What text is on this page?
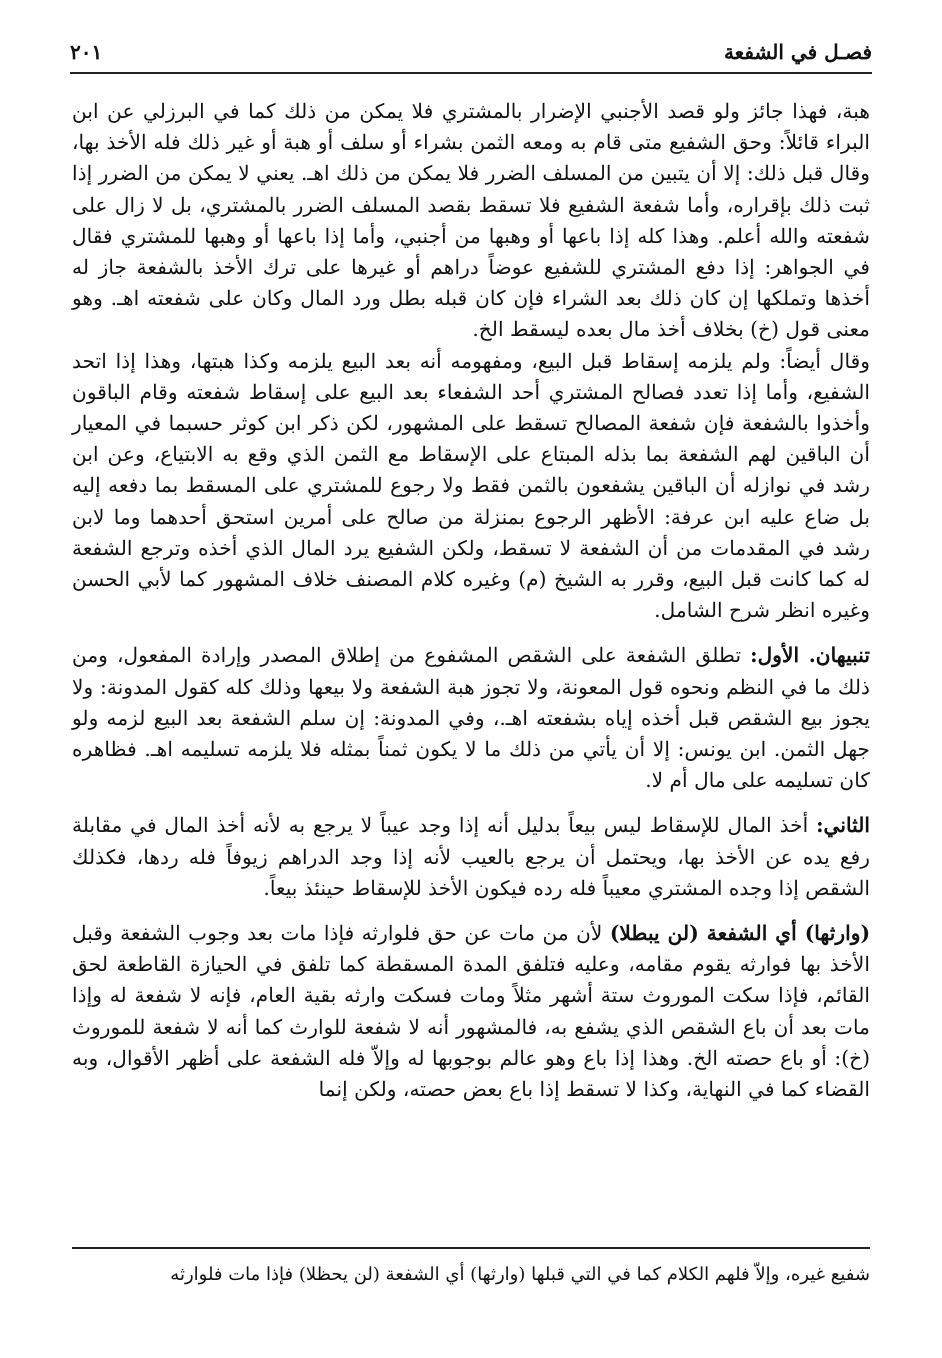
٢٠١	فصـل في الشفعة

هبة، فهذا جائز ولو قصد الأجنبي الإضرار بالمشتري فلا يمكن من ذلك كما في البرزلي عن ابن البراء قائلاً: وحق الشفيع متى قام به ومعه الثمن بشراء أو سلف أو هبة أو غير ذلك فله الأخذ بها، وقال قبل ذلك: إلا أن يتبين من المسلف الضرر فلا يمكن من ذلك اهـ. يعني لا يمكن من الضرر إذا ثبت ذلك بإقراره، وأما شفعة الشفيع فلا تسقط بقصد المسلف الضرر بالمشتري، بل لا زال على شفعته والله أعلم. وهذا كله إذا باعها أو وهبها من أجنبي، وأما إذا باعها أو وهبها للمشتري فقال في الجواهر: إذا دفع المشتري للشفيع عوضاً دراهم أو غيرها على ترك الأخذ بالشفعة جاز له أخذها وتملكها إن كان ذلك بعد الشراء فإن كان قبله بطل ورد المال وكان على شفعته اهـ. وهو معنى قول (خ) بخلاف أخذ مال بعده ليسقط الخ.

وقال أيضاً: ولم يلزمه إسقاط قبل البيع، ومفهومه أنه بعد البيع يلزمه وكذا هبتها، وهذا إذا اتحد الشفيع، وأما إذا تعدد فصالح المشتري أحد الشفعاء بعد البيع على إسقاط شفعته وقام الباقون وأخذوا بالشفعة فإن شفعة المصالح تسقط على المشهور، لكن ذكر ابن كوثر حسبما في المعيار أن الباقين لهم الشفعة بما بذله المبتاع على الإسقاط مع الثمن الذي وقع به الابتياع، وعن ابن رشد في نوازله أن الباقين يشفعون بالثمن فقط ولا رجوع للمشتري على المسقط بما دفعه إليه بل ضاع عليه ابن عرفة: الأظهر الرجوع بمنزلة من صالح على أمرين استحق أحدهما وما لابن رشد في المقدمات من أن الشفعة لا تسقط، ولكن الشفيع يرد المال الذي أخذه وترجع الشفعة له كما كانت قبل البيع، وقرر به الشيخ (م) وغيره كلام المصنف خلاف المشهور كما لأبي الحسن وغيره انظر شرح الشامل.

تنبيهان. الأول: تطلق الشفعة على الشقص المشفوع من إطلاق المصدر وإرادة المفعول، ومن ذلك ما في النظم ونحوه قول المعونة، ولا تجوز هبة الشفعة ولا بيعها وذلك كله كقول المدونة: ولا يجوز بيع الشقص قبل أخذه إياه بشفعته اهـ.، وفي المدونة: إن سلم الشفعة بعد البيع لزمه ولو جهل الثمن. ابن يونس: إلا أن يأتي من ذلك ما لا يكون ثمناً بمثله فلا يلزمه تسليمه اهـ. فظاهره كان تسليمه على مال أم لا.

الثاني: أخذ المال للإسقاط ليس بيعاً بدليل أنه إذا وجد عيباً لا يرجع به لأنه أخذ المال في مقابلة رفع يده عن الأخذ بها، ويحتمل أن يرجع بالعيب لأنه إذا وجد الدراهم زيوفاً فله ردها، فكذلك الشقص إذا وجده المشتري معيباً فله رده فيكون الأخذ للإسقاط حينئذ بيعاً.

(وارثها) أي الشفعة (لن يبطلا) لأن من مات عن حق فلوارثه فإذا مات بعد وجوب الشفعة وقبل الأخذ بها فوارثه يقوم مقامه، وعليه فتلفق المدة المسقطة كما تلفق في الحيازة القاطعة لحق القائم، فإذا سكت الموروث ستة أشهر مثلاً ومات فسكت وارثه بقية العام، فإنه لا شفعة له وإذا مات بعد أن باع الشقص الذي يشفع به، فالمشهور أنه لا شفعة للوارث كما أنه لا شفعة للموروث (خ): أو باع حصته الخ. وهذا إذا باع وهو عالم بوجوبها له وإلاّ فله الشفعة على أظهر الأقوال، وبه القضاء كما في النهاية، وكذا لا تسقط إذا باع بعض حصته، ولكن إنما

شفيع غيره، وإلاّ فلهم الكلام كما في التي قبلها (وارثها) أي الشفعة (لن يحظلا) فإذا مات فلوارثه
